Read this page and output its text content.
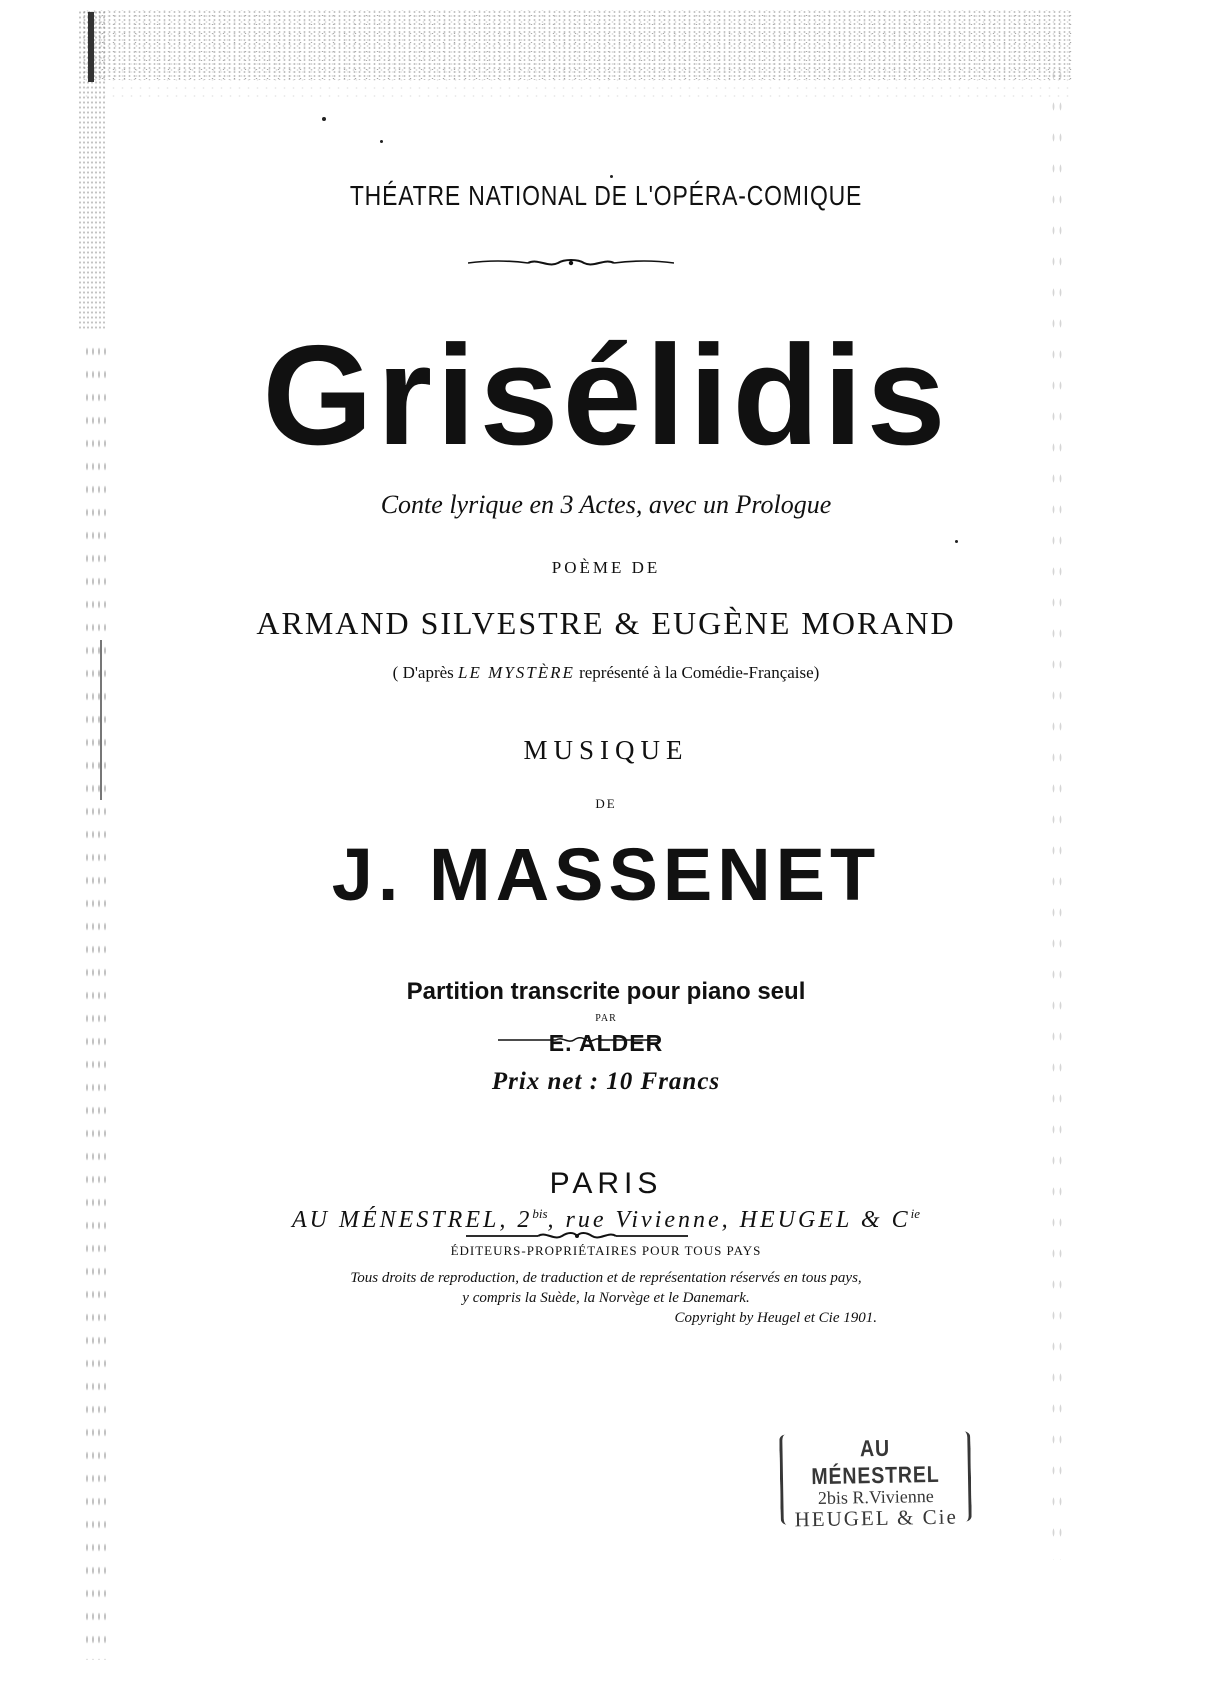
THÉATRE NATIONAL DE L'OPÉRA-COMIQUE
Grisélidis
Conte lyrique en 3 Actes, avec un Prologue
POÈME DE
ARMAND SILVESTRE & EUGÈNE MORAND
( D'après LE MYSTÈRE représenté à la Comédie-Française)
MUSIQUE
DE
J. MASSENET
Partition transcrite pour piano seul
PAR
E. ALDER
Prix net : 10 Francs
PARIS
AU MÉNESTREL, $2^{bis}$, rue Vivienne, HEUGEL & $C^{ie}$
ÉDITEURS-PROPRIÉTAIRES POUR TOUS PAYS
Tous droits de reproduction, de traduction et de représentation réservés en tous pays,
y compris la Suède, la Norvège et le Danemark.
Copyright by Heugel et Cie 1901.
AU MÉNESTREL
2bis R.Vivienne
HEUGEL & Cie
